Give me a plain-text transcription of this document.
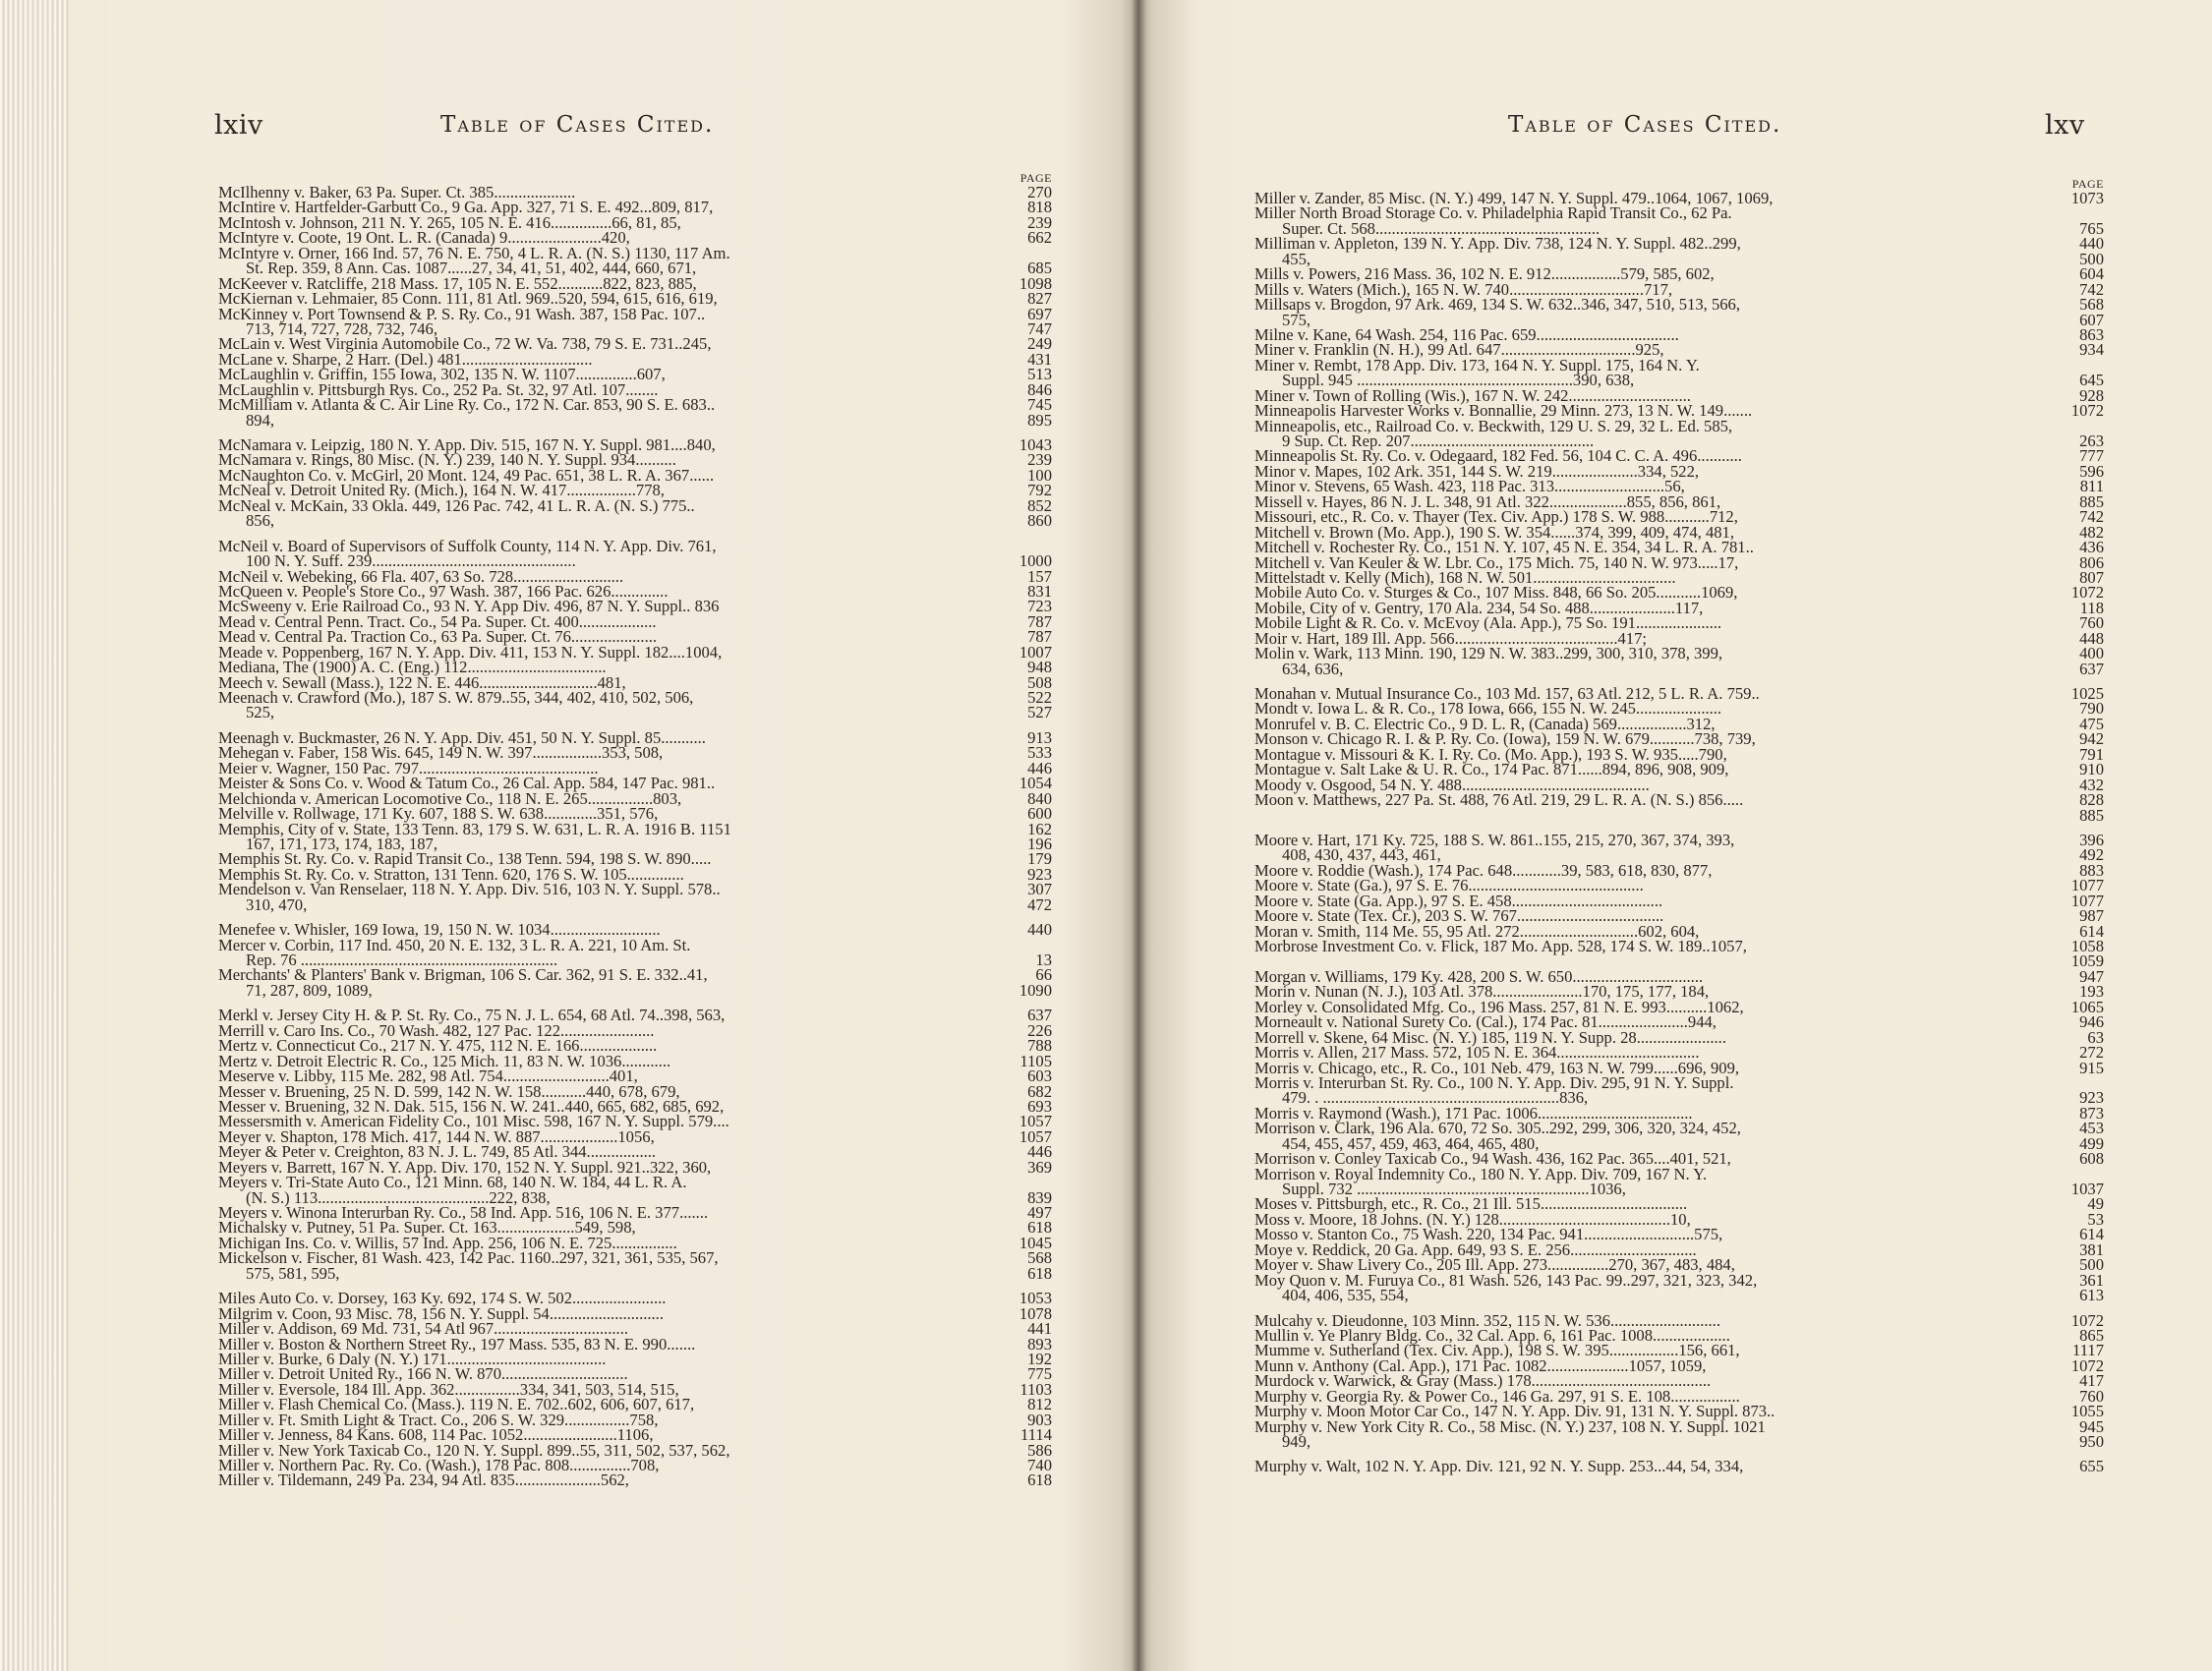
lxiv	Table of Cases Cited.
PAGE
McIlhenny v. Baker, 63 Pa. Super. Ct. 385....................	270
McIntire v. Hartfelder-Garbutt Co., 9 Ga. App. 327, 71 S. E. 492...809, 817,	818
McIntosh v. Johnson, 211 N. Y. 265, 105 N. E. 416...............66, 81, 85,	239
McIntyre v. Coote, 19 Ont. L. R. (Canada) 9.......................420,	662
McIntyre v. Orner, 166 Ind. 57, 76 N. E. 750, 4 L. R. A. (N. S.) 1130, 117 Am.
St. Rep. 359, 8 Ann. Cas. 1087......27, 34, 41, 51, 402, 444, 660, 671,	685
McKeever v. Ratcliffe, 218 Mass. 17, 105 N. E. 552...........822, 823, 885,	1098
McKiernan v. Lehmaier, 85 Conn. 111, 81 Atl. 969..520, 594, 615, 616, 619,	827
McKinney v. Port Townsend & P. S. Ry. Co., 91 Wash. 387, 158 Pac. 107..	697
713, 714, 727, 728, 732, 746,	747
McLain v. West Virginia Automobile Co., 72 W. Va. 738, 79 S. E. 731..245,	249
McLane v. Sharpe, 2 Harr. (Del.) 481................................	431
McLaughlin v. Griffin, 155 Iowa, 302, 135 N. W. 1107...............607,	513
McLaughlin v. Pittsburgh Rys. Co., 252 Pa. St. 32, 97 Atl. 107........	846
McMilliam v. Atlanta & C. Air Line Ry. Co., 172 N. Car. 853, 90 S. E. 683..	745
894,	895
McNamara v. Leipzig, 180 N. Y. App. Div. 515, 167 N. Y. Suppl. 981....840,	1043
McNamara v. Rings, 80 Misc. (N. Y.) 239, 140 N. Y. Suppl. 934..........	239
McNaughton Co. v. McGirl, 20 Mont. 124, 49 Pac. 651, 38 L. R. A. 367......	100
McNeal v. Detroit United Ry. (Mich.), 164 N. W. 417.................778,	792
McNeal v. McKain, 33 Okla. 449, 126 Pac. 742, 41 L. R. A. (N. S.) 775..	852
856,	860
McNeil v. Board of Supervisors of Suffolk County, 114 N. Y. App. Div. 761,
100 N. Y. Suff. 239..................................................	1000
McNeil v. Webeking, 66 Fla. 407, 63 So. 728...........................	157
McQueen v. People's Store Co., 97 Wash. 387, 166 Pac. 626..............	831
McSweeny v. Erie Railroad Co., 93 N. Y. App Div. 496, 87 N. Y. Suppl.. 836	723
Mead v. Central Penn. Tract. Co., 54 Pa. Super. Ct. 400...................	787
Mead v. Central Pa. Traction Co., 63 Pa. Super. Ct. 76.....................	787
Meade v. Poppenberg, 167 N. Y. App. Div. 411, 153 N. Y. Suppl. 182....1004,	1007
Mediana, The (1900) A. C. (Eng.) 112..................................	948
Meech v. Sewall (Mass.), 122 N. E. 446.............................481,	508
Meenach v. Crawford (Mo.), 187 S. W. 879..55, 344, 402, 410, 502, 506,	522
525,	527
Meenagh v. Buckmaster, 26 N. Y. App. Div. 451, 50 N. Y. Suppl. 85...........	913
Mehegan v. Faber, 158 Wis. 645, 149 N. W. 397.................353, 508,	533
Meier v. Wagner, 150 Pac. 797............................................	446
Meister & Sons Co. v. Wood & Tatum Co., 26 Cal. App. 584, 147 Pac. 981..	1054
Melchionda v. American Locomotive Co., 118 N. E. 265................803,	840
Melville v. Rollwage, 171 Ky. 607, 188 S. W. 638.............351, 576,	600
Memphis, City of v. State, 133 Tenn. 83, 179 S. W. 631, L. R. A. 1916 B. 1151	162
167, 171, 173, 174, 183, 187,	196
Memphis St. Ry. Co. v. Rapid Transit Co., 138 Tenn. 594, 198 S. W. 890.....	179
Memphis St. Ry. Co. v. Stratton, 131 Tenn. 620, 176 S. W. 105..............	923
Mendelson v. Van Renselaer, 118 N. Y. App. Div. 516, 103 N. Y. Suppl. 578..	307
310, 470,	472
Menefee v. Whisler, 169 Iowa, 19, 150 N. W. 1034...........................	440
Mercer v. Corbin, 117 Ind. 450, 20 N. E. 132, 3 L. R. A. 221, 10 Am. St.
Rep. 76 ...............................................................	13
Merchants' & Planters' Bank v. Brigman, 106 S. Car. 362, 91 S. E. 332..41,	66
71, 287, 809, 1089,	1090
Merkl v. Jersey City H. & P. St. Ry. Co., 75 N. J. L. 654, 68 Atl. 74..398, 563,	637
Merrill v. Caro Ins. Co., 70 Wash. 482, 127 Pac. 122.......................	226
Mertz v. Connecticut Co., 217 N. Y. 475, 112 N. E. 166...................	788
Mertz v. Detroit Electric R. Co., 125 Mich. 11, 83 N. W. 1036............	1105
Meserve v. Libby, 115 Me. 282, 98 Atl. 754..........................401,	603
Messer v. Bruening, 25 N. D. 599, 142 N. W. 158...........440, 678, 679,	682
Messer v. Bruening, 32 N. Dak. 515, 156 N. W. 241..440, 665, 682, 685, 692,	693
Messersmith v. American Fidelity Co., 101 Misc. 598, 167 N. Y. Suppl. 579....	1057
Meyer v. Shapton, 178 Mich. 417, 144 N. W. 887...................1056,	1057
Meyer & Peter v. Creighton, 83 N. J. L. 749, 85 Atl. 344.................	446
Meyers v. Barrett, 167 N. Y. App. Div. 170, 152 N. Y. Suppl. 921..322, 360,	369
Meyers v. Tri-State Auto Co., 121 Minn. 68, 140 N. W. 184, 44 L. R. A.
(N. S.) 113..........................................222, 838,	839
Meyers v. Winona Interurban Ry. Co., 58 Ind. App. 516, 106 N. E. 377.......	497
Michalsky v. Putney, 51 Pa. Super. Ct. 163...................549, 598,	618
Michigan Ins. Co. v. Willis, 57 Ind. App. 256, 106 N. E. 725................	1045
Mickelson v. Fischer, 81 Wash. 423, 142 Pac. 1160..297, 321, 361, 535, 567,	568
575, 581, 595,	618
Miles Auto Co. v. Dorsey, 163 Ky. 692, 174 S. W. 502.......................	1053
Milgrim v. Coon, 93 Misc. 78, 156 N. Y. Suppl. 54............................	1078
Miller v. Addison, 69 Md. 731, 54 Atl 967.................................	441
Miller v. Boston & Northern Street Ry., 197 Mass. 535, 83 N. E. 990.......	893
Miller v. Burke, 6 Daly (N. Y.) 171.......................................	192
Miller v. Detroit United Ry., 166 N. W. 870...............................	775
Miller v. Eversole, 184 Ill. App. 362................334, 341, 503, 514, 515,	1103
Miller v. Flash Chemical Co. (Mass.). 119 N. E. 702..602, 606, 607, 617,	812
Miller v. Ft. Smith Light & Tract. Co., 206 S. W. 329................758,	903
Miller v. Jenness, 84 Kans. 608, 114 Pac. 1052.......................1106,	1114
Miller v. New York Taxicab Co., 120 N. Y. Suppl. 899..55, 311, 502, 537, 562,	586
Miller v. Northern Pac. Ry. Co. (Wash.), 178 Pac. 808...............708,	740
Miller v. Tildemann, 249 Pa. 234, 94 Atl. 835.....................562,	618
lxv
Table of Cases Cited.
PAGE
Miller v. Zander, 85 Misc. (N. Y.) 499, 147 N. Y. Suppl. 479..1064, 1067, 1069,	1073
Miller North Broad Storage Co. v. Philadelphia Rapid Transit Co., 62 Pa.
Super. Ct. 568.......................................................	765
Milliman v. Appleton, 139 N. Y. App. Div. 738, 124 N. Y. Suppl. 482..299,	440
455,	500
Mills v. Powers, 216 Mass. 36, 102 N. E. 912.................579, 585, 602,	604
Mills v. Waters (Mich.), 165 N. W. 740.................................717,	742
Millsaps v. Brogdon, 97 Ark. 469, 134 S. W. 632..346, 347, 510, 513, 566,	568
575,	607
Milne v. Kane, 64 Wash. 254, 116 Pac. 659...................................	863
Miner v. Franklin (N. H.), 99 Atl. 647.................................925,	934
Miner v. Rembt, 178 App. Div. 173, 164 N. Y. Suppl. 175, 164 N. Y.
Suppl. 945 .....................................................390, 638,	645
Miner v. Town of Rolling (Wis.), 167 N. W. 242..............................	928
Minneapolis Harvester Works v. Bonnallie, 29 Minn. 273, 13 N. W. 149.......	1072
Minneapolis, etc., Railroad Co. v. Beckwith, 129 U. S. 29, 32 L. Ed. 585,
9 Sup. Ct. Rep. 207.............................................	263
Minneapolis St. Ry. Co. v. Odegaard, 182 Fed. 56, 104 C. C. A. 496...........	777
Minor v. Mapes, 102 Ark. 351, 144 S. W. 219.....................334, 522,	596
Minor v. Stevens, 65 Wash. 423, 118 Pac. 313...........................56,	811
Missell v. Hayes, 86 N. J. L. 348, 91 Atl. 322...................855, 856, 861,	885
Missouri, etc., R. Co. v. Thayer (Tex. Civ. App.) 178 S. W. 988...........712,	742
Mitchell v. Brown (Mo. App.), 190 S. W. 354......374, 399, 409, 474, 481,	482
Mitchell v. Rochester Ry. Co., 151 N. Y. 107, 45 N. E. 354, 34 L. R. A. 781..	436
Mitchell v. Van Keuler & W. Lbr. Co., 175 Mich. 75, 140 N. W. 973.....17,	806
Mittelstadt v. Kelly (Mich), 168 N. W. 501...................................	807
Mobile Auto Co. v. Sturges & Co., 107 Miss. 848, 66 So. 205...........1069,	1072
Mobile, City of v. Gentry, 170 Ala. 234, 54 So. 488.....................117,	118
Mobile Light & R. Co. v. McEvoy (Ala. App.), 75 So. 191.....................	760
Moir v. Hart, 189 Ill. App. 566........................................417;	448
Molin v. Wark, 113 Minn. 190, 129 N. W. 383..299, 300, 310, 378, 399,	400
634, 636,	637
Monahan v. Mutual Insurance Co., 103 Md. 157, 63 Atl. 212, 5 L. R. A. 759..	1025
Mondt v. Iowa L. & R. Co., 178 Iowa, 666, 155 N. W. 245.....................	790
Monrufel v. B. C. Electric Co., 9 D. L. R, (Canada) 569.................312,	475
Monson v. Chicago R. I. & P. Ry. Co. (Iowa), 159 N. W. 679...........738, 739,	942
Montague v. Missouri & K. I. Ry. Co. (Mo. App.), 193 S. W. 935.....790,	791
Montague v. Salt Lake & U. R. Co., 174 Pac. 871......894, 896, 908, 909,	910
Moody v. Osgood, 54 N. Y. 488..............................................	432
Moon v. Matthews, 227 Pa. St. 488, 76 Atl. 219, 29 L. R. A. (N. S.) 856.....	828
885
Moore v. Hart, 171 Ky. 725, 188 S. W. 861..155, 215, 270, 367, 374, 393,	396
408, 430, 437, 443, 461,	492
Moore v. Roddie (Wash.), 174 Pac. 648............39, 583, 618, 830, 877,	883
Moore v. State (Ga.), 97 S. E. 76...........................................	1077
Moore v. State (Ga. App.), 97 S. E. 458.....................................	1077
Moore v. State (Tex. Cr.), 203 S. W. 767....................................	987
Moran v. Smith, 114 Me. 55, 95 Atl. 272.............................602, 604,	614
Morbrose Investment Co. v. Flick, 187 Mo. App. 528, 174 S. W. 189..1057,	1058
1059
Morgan v. Williams, 179 Ky. 428, 200 S. W. 650................................	947
Morin v. Nunan (N. J.), 103 Atl. 378......................170, 175, 177, 184,	193
Morley v. Consolidated Mfg. Co., 196 Mass. 257, 81 N. E. 993..........1062,	1065
Morneault v. National Surety Co. (Cal.), 174 Pac. 81......................944,	946
Morrell v. Skene, 64 Misc. (N. Y.) 185, 119 N. Y. Supp. 28......................	63
Morris v. Allen, 217 Mass. 572, 105 N. E. 364...................................	272
Morris v. Chicago, etc., R. Co., 101 Neb. 479, 163 N. W. 799......696, 909,	915
Morris v. Interurban St. Ry. Co., 100 N. Y. App. Div. 295, 91 N. Y. Suppl.
479. . ..........................................................836,	923
Morris v. Raymond (Wash.), 171 Pac. 1006......................................	873
Morrison v. Clark, 196 Ala. 670, 72 So. 305..292, 299, 306, 320, 324, 452,	453
454, 455, 457, 459, 463, 464, 465, 480,	499
Morrison v. Conley Taxicab Co., 94 Wash. 436, 162 Pac. 365....401, 521,	608
Morrison v. Royal Indemnity Co., 180 N. Y. App. Div. 709, 167 N. Y.
Suppl. 732 .........................................................1036,	1037
Moses v. Pittsburgh, etc., R. Co., 21 Ill. 515....................................	49
Moss v. Moore, 18 Johns. (N. Y.) 128..........................................10,	53
Mosso v. Stanton Co., 75 Wash. 220, 134 Pac. 941...........................575,	614
Moye v. Reddick, 20 Ga. App. 649, 93 S. E. 256...............................	381
Moyer v. Shaw Livery Co., 205 Ill. App. 273...............270, 367, 483, 484,	500
Moy Quon v. M. Furuya Co., 81 Wash. 526, 143 Pac. 99..297, 321, 323, 342,	361
404, 406, 535, 554,	613
Mulcahy v. Dieudonne, 103 Minn. 352, 115 N. W. 536...........................	1072
Mullin v. Ye Planry Bldg. Co., 32 Cal. App. 6, 161 Pac. 1008...................	865
Mumme v. Sutherland (Tex. Civ. App.), 198 S. W. 395.................156, 661,	1117
Munn v. Anthony (Cal. App.), 171 Pac. 1082....................1057, 1059,	1072
Murdock v. Warwick, & Gray (Mass.) 178............................................	417
Murphy v. Georgia Ry. & Power Co., 146 Ga. 297, 91 S. E. 108.................	760
Murphy v. Moon Motor Car Co., 147 N. Y. App. Div. 91, 131 N. Y. Suppl. 873..	1055
Murphy v. New York City R. Co., 58 Misc. (N. Y.) 237, 108 N. Y. Suppl. 1021	945
949,	950
Murphy v. Walt, 102 N. Y. App. Div. 121, 92 N. Y. Supp. 253...44, 54, 334,	655
